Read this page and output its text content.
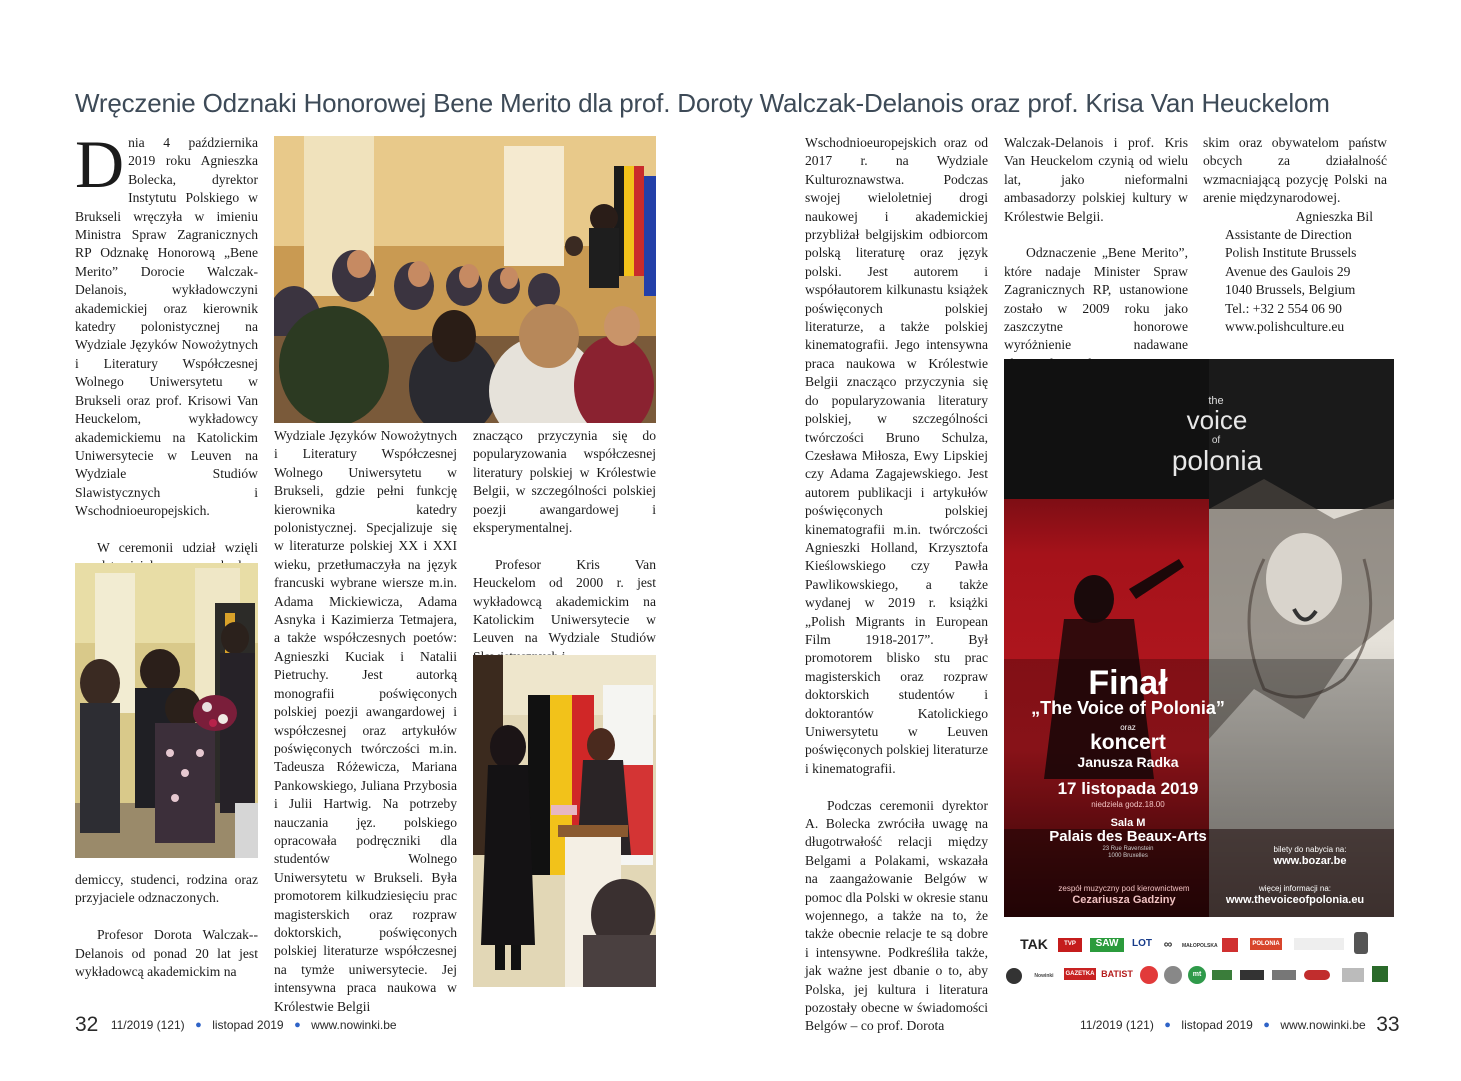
Wręczenie Odznaki Honorowej Bene Merito dla prof. Doroty Walczak-Delanois oraz prof. Krisa Van Heuckelom

Dnia 4 października 2019 roku Agnieszka Bolecka, dyrektor Instytutu Polskiego w Brukseli wręczyła w imieniu Ministra Spraw Zagranicznych RP Odznakę Honorową „Bene Merito” Dorocie Walczak-Delanois, wykładowczyni akademickiej oraz kierownik katedry polonistycznej na Wydziale Języków Nowożytnych i Literatury Współczesnej Wolnego Uniwersytetu w Brukseli oraz prof. Krisowi Van Heuckelom, wykładowcy akademickiemu na Katolickim Uniwersytecie w Leuven na Wydziale Studiów Slawistycznych i Wschodnioeuropejskich.

W ceremonii udział wzięli

demiccy, studenci, rodzina oraz przyjaciele odznaczonych.

Profesor Dorota Walczak--Delanois od ponad 20 lat jest wykładowcą akademickim na

Wydziale Języków Nowożytnych i Literatury Współczesnej Wolnego Uniwersytetu w Brukseli, gdzie pełni funkcję kierownika katedry polonistycznej. Specjalizuje się w literaturze polskiej XX i XXI wieku, przetłumaczyła na język francuski wybrane wiersze m.in. Adama Mickiewicza, Adama Asnyka i Kazimierza Tetmajera, a także współczesnych poetów: Agnieszki Kuciak i Natalii Pietruchy. Jest autorką monografii poświęconych polskiej poezji awangardowej i współczesnej oraz artykułów poświęconych twórczości m.in. Tadeusza Różewicza, Mariana Pankowskiego, Juliana Przybosia i Julii Hartwig. Na potrzeby nauczania jęz. polskiego opracowała podręczniki dla studentów Wolnego Uniwersytetu w Brukseli. Była promotorem kilkudziesięciu prac magisterskich oraz rozpraw doktorskich, poświęconych polskiej literaturze współczesnej na tymże uniwersytecie. Jej intensywna praca naukowa w Królestwie Belgii

znacząco przyczynia się do popularyzowania współczesnej literatury polskiej w Królestwie Belgii, w szczególności polskiej poezji awangardowej i eksperymentalnej.

Profesor Kris Van Heuckelom od 2000 r. jest wykładowcą akademickim na Katolickim Uniwersytecie w Leuven na Wydziale Studiów

Wschodnioeuropejskich oraz od 2017 r. na Wydziale Kulturoznawstwa. Podczas swojej wieloletniej drogi naukowej i akademickiej przybliżał belgijskim odbiorcom polską literaturę oraz język polski. Jest autorem i współautorem kilkunastu książek poświęconych polskiej literaturze, a także polskiej kinematografii. Jego intensywna praca naukowa w Królestwie Belgii znacząco przyczynia się do popularyzowania literatury polskiej, w szczególności twórczości Bruno Schulza, Czesława Miłosza, Ewy Lipskiej czy Adama Zagajewskiego. Jest autorem publikacji i artykułów poświęconych polskiej kinematografii m.in. twórczości Agnieszki Holland, Krzysztofa Kieślowskiego czy Pawła Pawlikowskiego, a także wydanej w 2019 r. książki „Polish Migrants in European Film 1918-2017”. Był promotorem blisko stu prac magisterskich oraz rozpraw doktorskich studentów i doktorantów Katolickiego Uniwersytetu w Leuven poświęconych polskiej literaturze i kinematografii.

Podczas ceremonii dyrektor A. Bolecka zwróciła uwagę na długotrwałość relacji między Belgami a Polakami, wskazała na zaangażowanie Belgów w pomoc dla Polski w okresie stanu wojennego, a także na to, że także obecnie relacje te są dobre i intensywne. Podkreśliła także, jak ważne jest dbanie o to, aby Polska, jej kultura i literatura pozostały obecne w świadomości Belgów – co prof. Dorota

Walczak-Delanois i prof. Kris Van Heuckelom czynią od wielu lat, jako nieformalni ambasadorzy polskiej kultury w Królestwie Belgii.

Odznaczenie „Bene Merito”, które nadaje Minister Spraw Zagranicznych RP, ustanowione zostało w 2009 roku jako zaszczytne honorowe wyróżnienie nadawane

skim oraz obywatelom państw obcych za działalność wzmacniającą pozycję Polski na arenie międzynarodowej.

Agnieszka Bil

Assistante de Direction

Polish Institute Brussels

Avenue des Gaulois 29

1040 Brussels, Belgium

Tel.: +32 2 554 06 90

www.polishculture.eu

the
voice
of
polonia
Finał
„The Voice of Polonia”
oraz
koncert
Janusza Radka
17 listopada 2019
niedziela godz.18.00
Sala M
Palais des Beaux-Arts
23 Rue Ravenstein
1000 Bruxelles
bilety do nabycia na:
www.bozar.be
zespół muzyczny pod kierownictwem
Cezariusza Gadziny
więcej informacji na:
www.thevoiceofpolonia.eu
TAK	TVP POLONIA
SAW	LOT ∞	MAŁOPOLSKA	POLONIA
Nowinki	GAZETKA BATIST	mt
32 11/2019 (121) ● listopad 2019 ● www.nowinki.be	11/2019 (121) ● listopad 2019 ● www.nowinki.be 33
